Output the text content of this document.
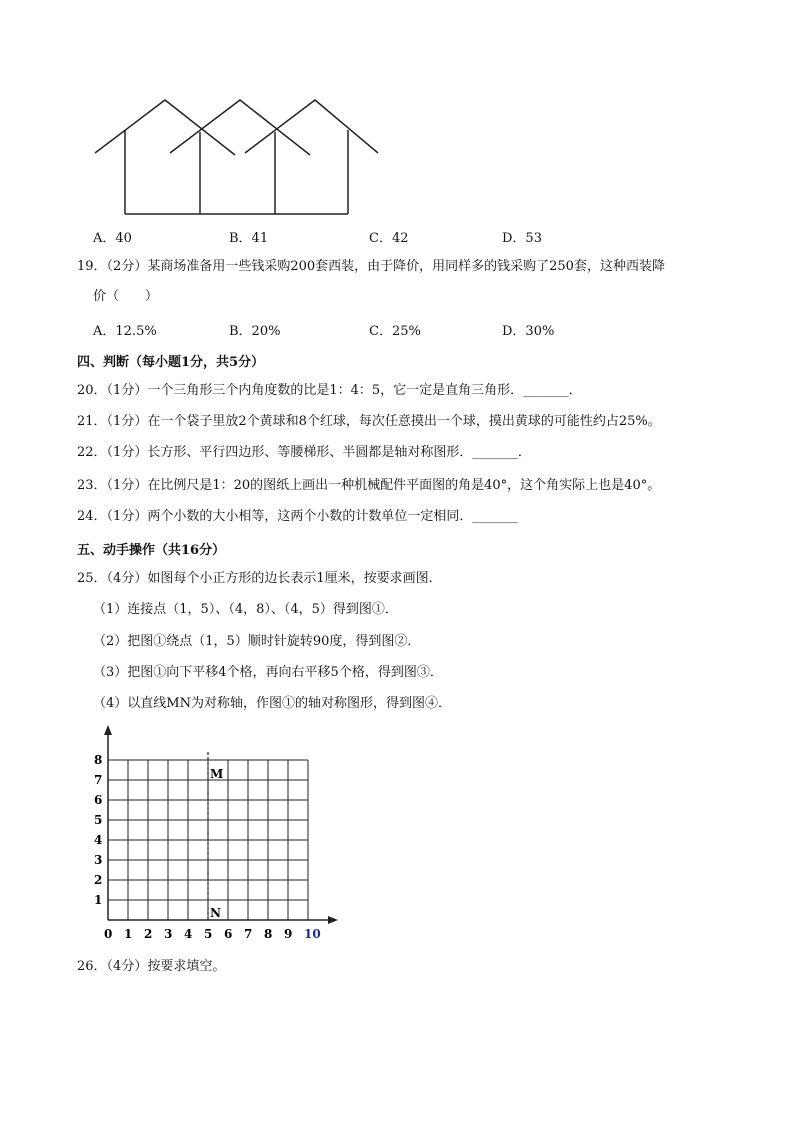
A．40	B．41	C．42	D．53
19．（2分）某商场准备用一些钱采购200套西装，由于降价，用同样多的钱采购了250套，这种西装降
价（　　）
A．12.5%	B．20%	C．25%	D．30%
四、判断（每小题1分，共5分）
20．（1分）一个三角形三个内角度数的比是1：4：5，它一定是直角三角形．_______．
21．（1分）在一个袋子里放2个黄球和8个红球，每次任意摸出一个球，摸出黄球的可能性约占25%。
22．（1分）长方形、平行四边形、等腰梯形、半圆都是轴对称图形．_______．
23．（1分）在比例尺是1：20的图纸上画出一种机械配件平面图的角是40°，这个角实际上也是40°。
24．（1分）两个小数的大小相等，这两个小数的计数单位一定相同．_______
五、动手操作（共16分）
25．（4分）如图每个小正方形的边长表示1厘米，按要求画图．
（1）连接点（1，5）、（4，8）、（4，5）得到图①．
（2）把图①绕点（1，5）顺时针旋转90度，得到图②．
（3）把图①向下平移4个格，再向右平移5个格，得到图③．
（4）以直线MN为对称轴，作图①的轴对称图形，得到图④．
M
N
0 1 2 3 4 5 6 7 8 9 10
1
2
3
4
5
6
7
8
26．（4分）按要求填空。
